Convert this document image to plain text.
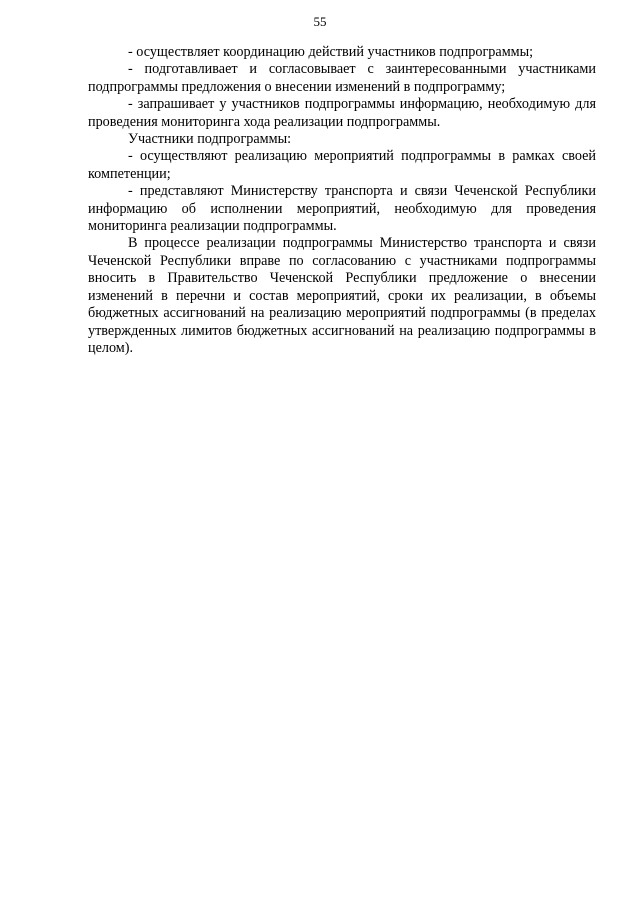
55

- осуществляет координацию действий участников подпрограммы;

- подготавливает и согласовывает с заинтересованными участниками подпрограммы предложения о внесении изменений в подпрограмму;

- запрашивает у участников подпрограммы информацию, необходимую для проведения мониторинга хода реализации подпрограммы.

Участники подпрограммы:

- осуществляют реализацию мероприятий подпрограммы в рамках своей компетенции;

- представляют Министерству транспорта и связи Чеченской Республики информацию об исполнении мероприятий, необходимую для проведения мониторинга реализации подпрограммы.

В процессе реализации подпрограммы Министерство транспорта и связи Чеченской Республики вправе по согласованию с участниками подпрограммы вносить в Правительство Чеченской Республики предложение о внесении изменений в перечни и состав мероприятий, сроки их реализации, в объемы бюджетных ассигнований на реализацию мероприятий подпрограммы (в пределах утвержденных лимитов бюджетных ассигнований на реализацию подпрограммы в целом).
